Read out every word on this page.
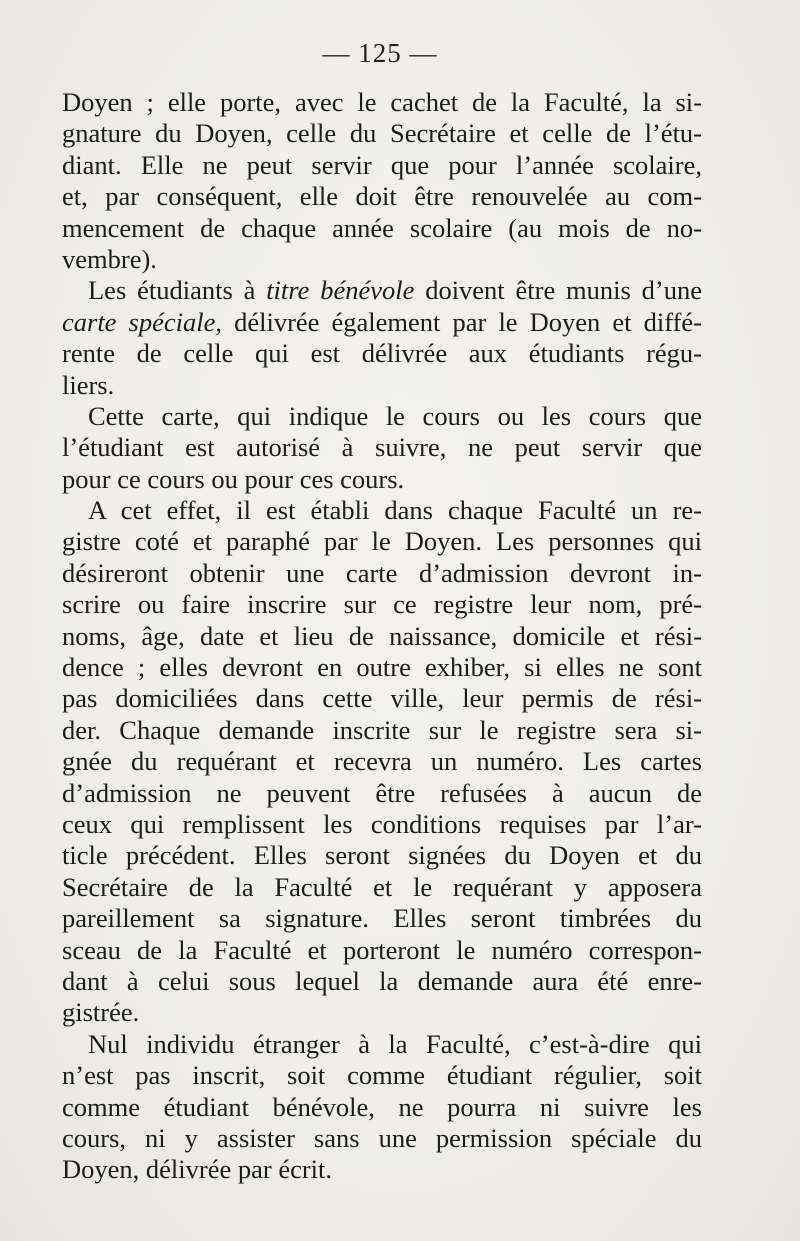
— 125 —
Doyen ; elle porte, avec le cachet de la Faculté, la si-
gnature du Doyen, celle du Secrétaire et celle de l’étu-
diant. Elle ne peut servir que pour l’année scolaire,
et, par conséquent, elle doit être renouvelée au com-
mencement de chaque année scolaire (au mois de no-
vembre).
Les étudiants à titre bénévole doivent être munis d’une
carte spéciale, délivrée également par le Doyen et diffé-
rente de celle qui est délivrée aux étudiants régu-
liers.
Cette carte, qui indique le cours ou les cours que
l’étudiant est autorisé à suivre, ne peut servir que
pour ce cours ou pour ces cours.
A cet effet, il est établi dans chaque Faculté un re-
gistre coté et paraphé par le Doyen. Les personnes qui
désireront obtenir une carte d’admission devront in-
scrire ou faire inscrire sur ce registre leur nom, pré-
noms, âge, date et lieu de naissance, domicile et rési-
dence ; elles devront en outre exhiber, si elles ne sont
pas domiciliées dans cette ville, leur permis de rési-
der. Chaque demande inscrite sur le registre sera si-
gnée du requérant et recevra un numéro. Les cartes
d’admission ne peuvent être refusées à aucun de
ceux qui remplissent les conditions requises par l’ar-
ticle précédent. Elles seront signées du Doyen et du
Secrétaire de la Faculté et le requérant y apposera
pareillement sa signature. Elles seront timbrées du
sceau de la Faculté et porteront le numéro correspon-
dant à celui sous lequel la demande aura été enre-
gistrée.
Nul individu étranger à la Faculté, c’est-à-dire qui
n’est pas inscrit, soit comme étudiant régulier, soit
comme étudiant bénévole, ne pourra ni suivre les
cours, ni y assister sans une permission spéciale du
Doyen, délivrée par écrit.
